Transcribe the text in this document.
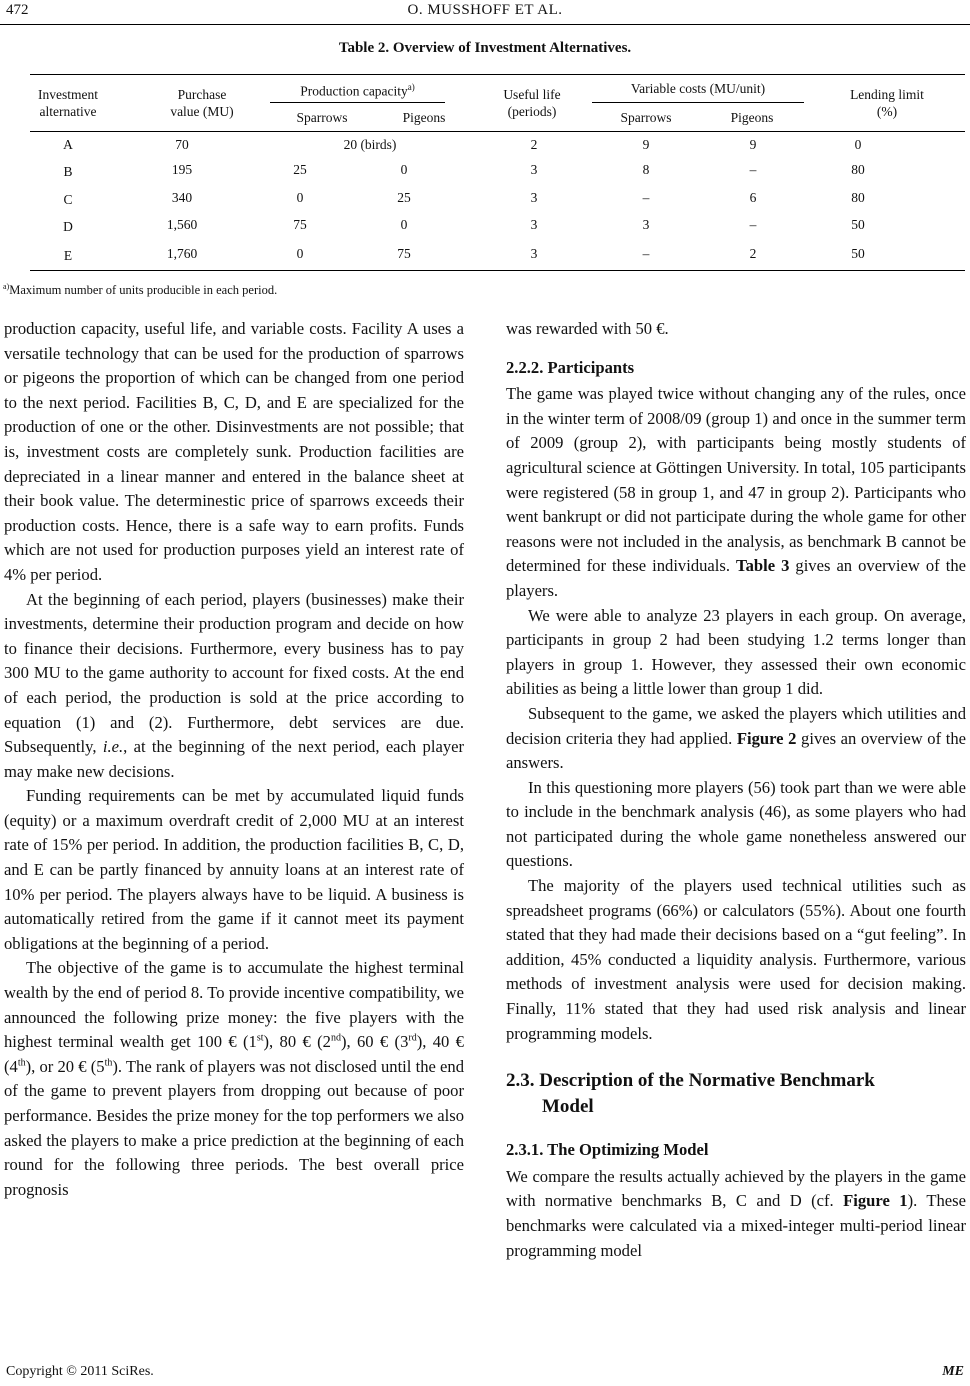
472	O. MUSSHOFF ET AL.
Table 2. Overview of Investment Alternatives.
Investment
alternative
Purchase
value (MU)
Production capacity$^{a)}$
Sparrows	Pigeons
Useful life
(periods)
Variable costs (MU/unit)
Sparrows	Pigeons
Lending limit
(%)
A	70	20 (birds)	2	9	9	0
B	195	25	0	3	8	–	80
C	340	0	25	3	–	6	80
D	1,560	75	0	3	3	–	50
E	1,760	0	75	3	–	2	50
$^{a)}$Maximum number of units producible in each period.

production capacity, useful life, and variable costs. Facility A uses a versatile technology that can be used for the production of sparrows or pigeons the proportion of which can be changed from one period to the next period. Facilities B, C, D, and E are specialized for the production of one or the other. Disinvestments are not possible; that is, investment costs are completely sunk. Production facilities are depreciated in a linear manner and entered in the balance sheet at their book value. The determinestic price of sparrows exceeds their production costs. Hence, there is a safe way to earn profits. Funds which are not used for production purposes yield an interest rate of 4% per period.

At the beginning of each period, players (businesses) make their investments, determine their production program and decide on how to finance their decisions. Furthermore, every business has to pay 300 MU to the game authority to account for fixed costs. At the end of each period, the production is sold at the price according to equation (1) and (2). Furthermore, debt services are due. Subsequently, i.e., at the beginning of the next period, each player may make new decisions.

Funding requirements can be met by accumulated liquid funds (equity) or a maximum overdraft credit of 2,000 MU at an interest rate of 15% per period. In addition, the production facilities B, C, D, and E can be partly financed by annuity loans at an interest rate of 10% per period. The players always have to be liquid. A business is automatically retired from the game if it cannot meet its payment obligations at the beginning of a period.

The objective of the game is to accumulate the highest terminal wealth by the end of period 8. To provide incentive compatibility, we announced the following prize money: the five players with the highest terminal wealth get 100 € (1st), 80 € (2nd), 60 € (3rd), 40 € (4th), or 20 € (5th). The rank of players was not disclosed until the end of the game to prevent players from dropping out because of poor performance. Besides the prize money for the top performers we also asked the players to make a price prediction at the beginning of each round for the following three periods. The best overall price prognosis

was rewarded with 50 €.

2.2.2. Participants

The game was played twice without changing any of the rules, once in the winter term of 2008/09 (group 1) and once in the summer term of 2009 (group 2), with participants being mostly students of agricultural science at Göttingen University. In total, 105 participants were registered (58 in group 1, and 47 in group 2). Participants who went bankrupt or did not participate during the whole game for other reasons were not included in the analysis, as benchmark B cannot be determined for these individuals. Table 3 gives an overview of the players.

We were able to analyze 23 players in each group. On average, participants in group 2 had been studying 1.2 terms longer than players in group 1. However, they assessed their own economic abilities as being a little lower than group 1 did.

Subsequent to the game, we asked the players which utilities and decision criteria they had applied. Figure 2 gives an overview of the answers.

In this questioning more players (56) took part than we were able to include in the benchmark analysis (46), as some players who had not participated during the whole game nonetheless answered our questions.

The majority of the players used technical utilities such as spreadsheet programs (66%) or calculators (55%). About one fourth stated that they had made their decisions based on a “gut feeling”. In addition, 45% conducted a liquidity analysis. Furthermore, various methods of investment analysis were used for decision making. Finally, 11% stated that they had used risk analysis and linear programming models.

2.3. Description of the Normative Benchmark
Model
2.3.1. The Optimizing Model

We compare the results actually achieved by the players in the game with normative benchmarks B, C and D (cf. Figure 1). These benchmarks were calculated via a mixed-integer multi-period linear programming model

Copyright © 2011 SciRes.	ME
